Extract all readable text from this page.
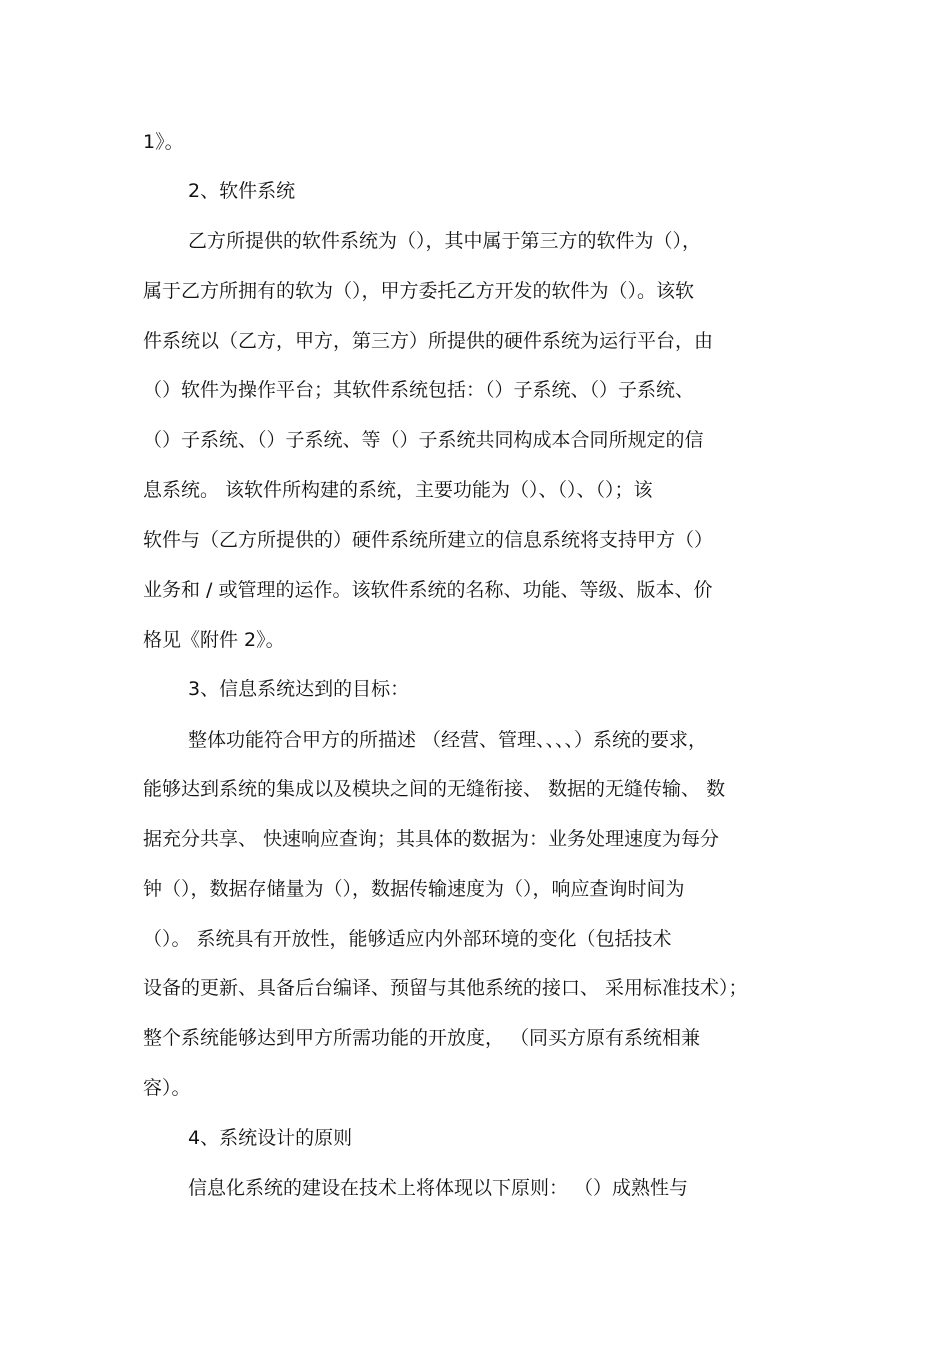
1》。
2、软件系统
乙方所提供的软件系统为（），其中属于第三方的软件为（），
属于乙方所拥有的软为（），甲方委托乙方开发的软件为（）。该软
件系统以（乙方，甲方，第三方）所提供的硬件系统为运行平台，由
（）软件为操作平台；其软件系统包括：（）子系统、（）子系统、
（）子系统、（）子系统、等（）子系统共同构成本合同所规定的信
息系统。 该软件所构建的系统，主要功能为（）、（）、（）；该
软件与（乙方所提供的）硬件系统所建立的信息系统将支持甲方（）
业务和 / 或管理的运作。该软件系统的名称、功能、等级、版本、价
格见《附件 2》。
3、信息系统达到的目标：
整体功能符合甲方的所描述 （经营、管理、、、、）系统的要求，
能够达到系统的集成以及模块之间的无缝衔接、 数据的无缝传输、 数
据充分共享、 快速响应查询；其具体的数据为：业务处理速度为每分
钟（），数据存储量为（），数据传输速度为（），响应查询时间为
（）。 系统具有开放性，能够适应内外部环境的变化（包括技术
设备的更新、具备后台编译、预留与其他系统的接口、 采用标准技术）；
整个系统能够达到甲方所需功能的开放度， （同买方原有系统相兼
容）。
4、系统设计的原则
信息化系统的建设在技术上将体现以下原则： （）成熟性与
